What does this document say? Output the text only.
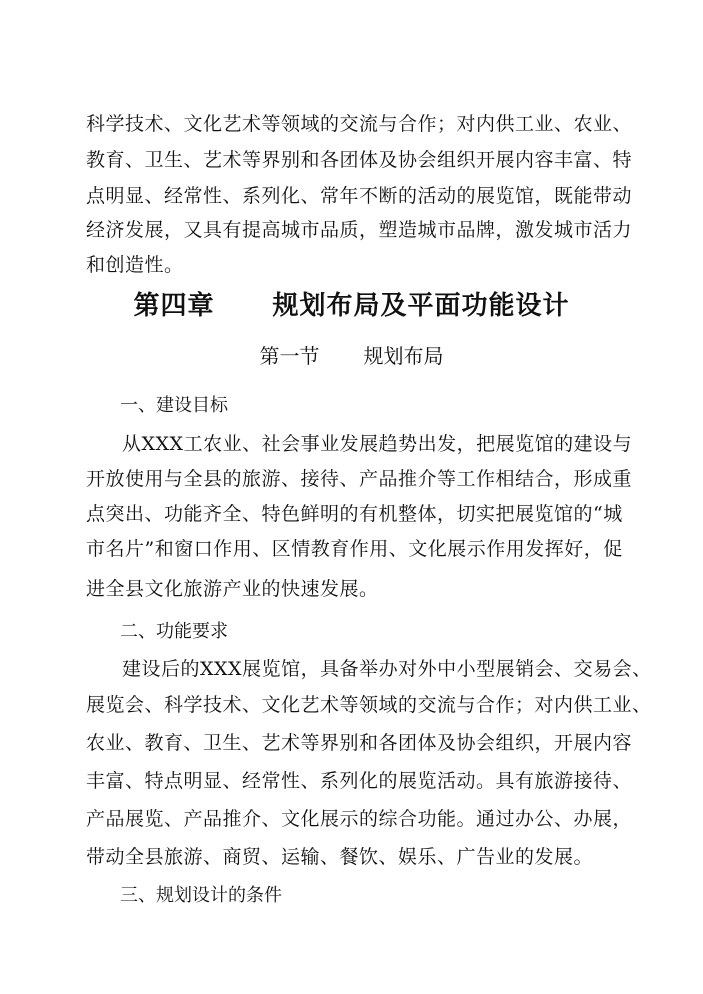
科学技术、文化艺术等领域的交流与合作；对内供工业、农业、
教育、卫生、艺术等界别和各团体及协会组织开展内容丰富、特
点明显、经常性、系列化、常年不断的活动的展览馆，既能带动
经济发展，又具有提高城市品质，塑造城市品牌，激发城市活力
和创造性。
第四章 规划布局及平面功能设计
第一节 规划布局
一、建设目标
从XXX工农业、社会事业发展趋势出发，把展览馆的建设与
开放使用与全县的旅游、接待、产品推介等工作相结合，形成重
点突出、功能齐全、特色鲜明的有机整体，切实把展览馆的“城
市名片”和窗口作用、区情教育作用、文化展示作用发挥好，促
进全县文化旅游产业的快速发展。
二、功能要求
建设后的XXX展览馆，具备举办对外中小型展销会、交易会、
展览会、科学技术、文化艺术等领域的交流与合作；对内供工业、
农业、教育、卫生、艺术等界别和各团体及协会组织，开展内容
丰富、特点明显、经常性、系列化的展览活动。具有旅游接待、
产品展览、产品推介、文化展示的综合功能。通过办公、办展，
带动全县旅游、商贸、运输、餐饮、娱乐、广告业的发展。
三、规划设计的条件
